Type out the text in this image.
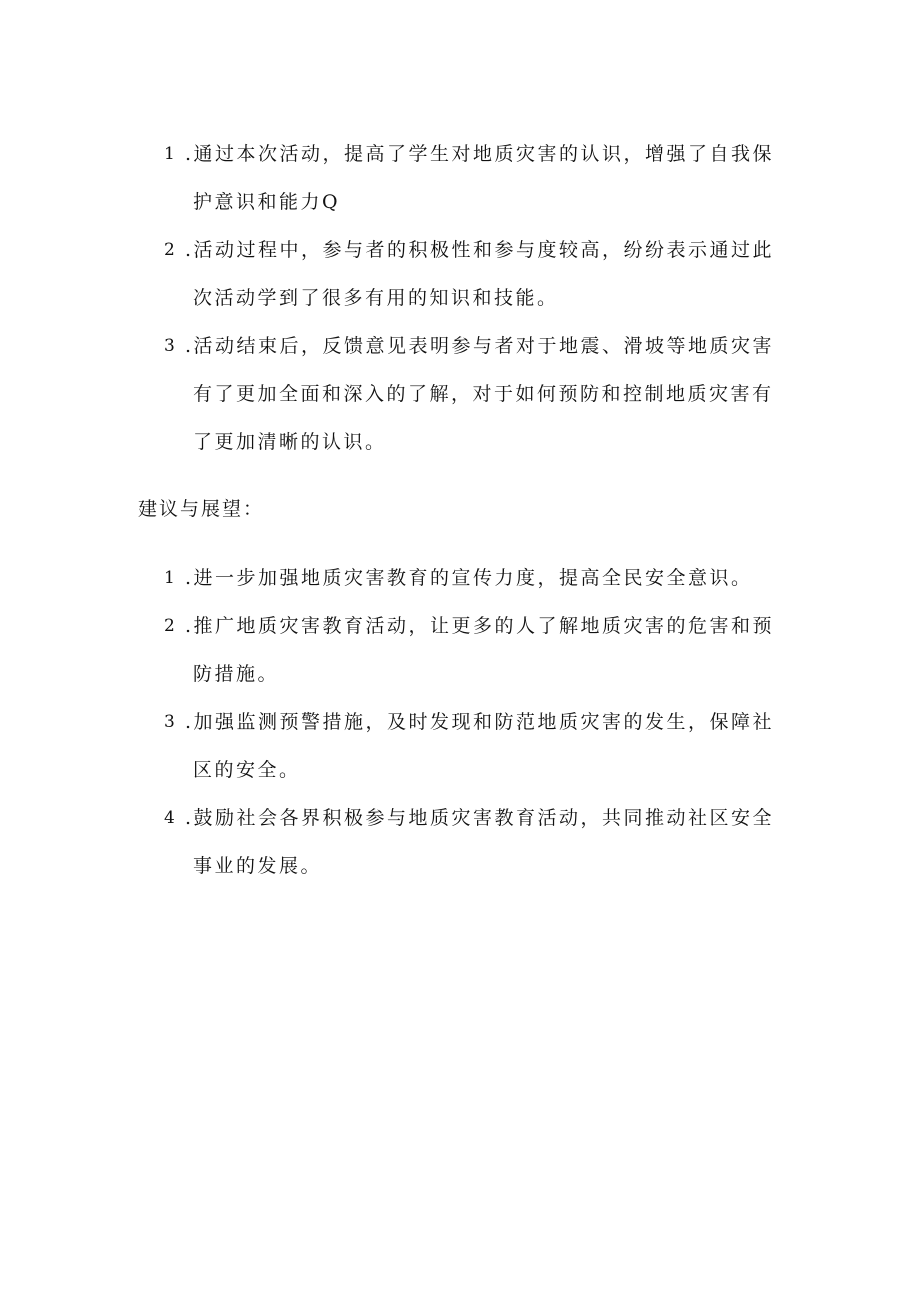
1 .通过本次活动，提高了学生对地质灾害的认识，增强了自我保护意识和能力Q

2 .活动过程中，参与者的积极性和参与度较高，纷纷表示通过此次活动学到了很多有用的知识和技能。

3 .活动结束后，反馈意见表明参与者对于地震、滑坡等地质灾害有了更加全面和深入的了解，对于如何预防和控制地质灾害有了更加清晰的认识。

建议与展望：

1 .进一步加强地质灾害教育的宣传力度，提高全民安全意识。

2 .推广地质灾害教育活动，让更多的人了解地质灾害的危害和预防措施。

3 .加强监测预警措施，及时发现和防范地质灾害的发生，保障社区的安全。

4 .鼓励社会各界积极参与地质灾害教育活动，共同推动社区安全事业的发展。
